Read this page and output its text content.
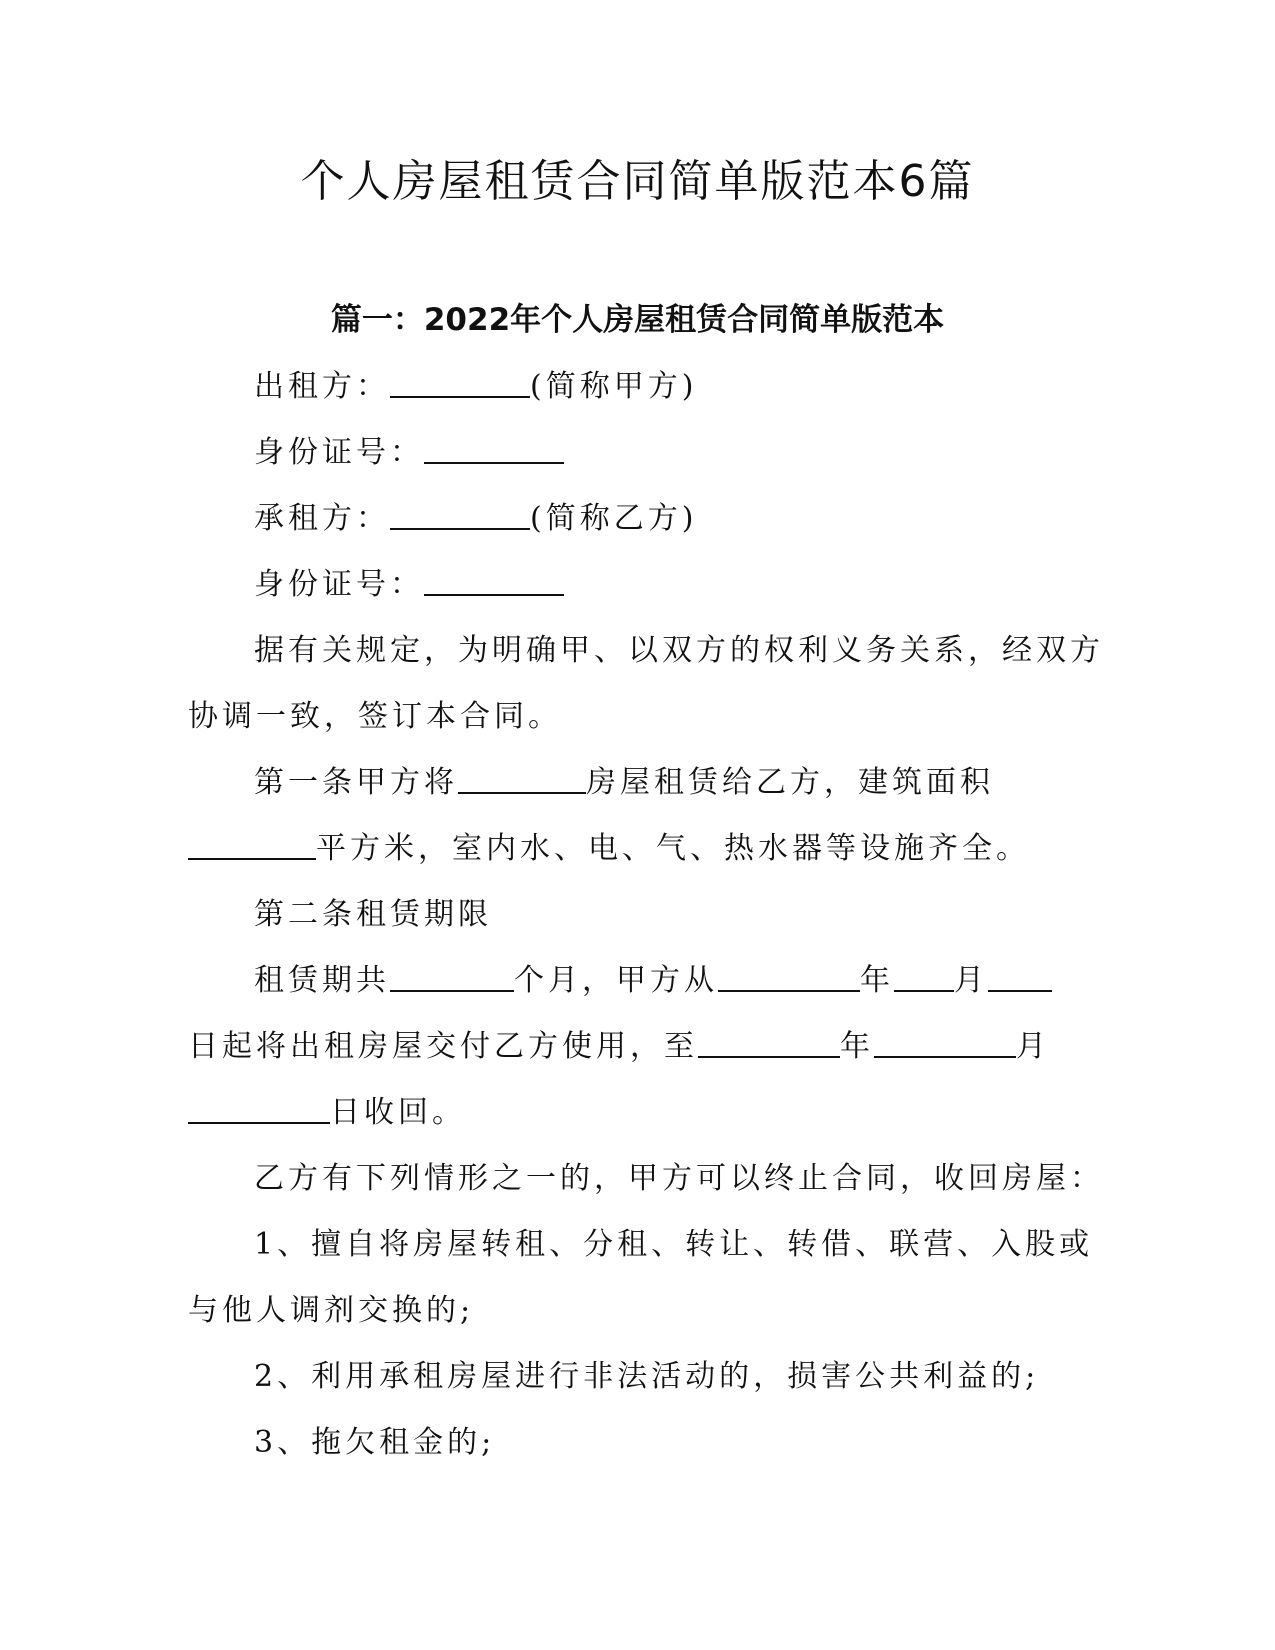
个人房屋租赁合同简单版范本6篇
篇一：2022年个人房屋租赁合同简单版范本
出租方：	(简称甲方)
身份证号：
承租方：	(简称乙方)
身份证号：
据有关规定，为明确甲、以双方的权利义务关系，经双方
协调一致，签订本合同。
第一条甲方将	房屋租赁给乙方，建筑面积
平方米，室内水、电、气、热水器等设施齐全。
第二条租赁期限
租赁期共	个月，甲方从	年 月
日起将出租房屋交付乙方使用，至	年	月
日收回。
乙方有下列情形之一的，甲方可以终止合同，收回房屋：
1、擅自将房屋转租、分租、转让、转借、联营、入股或
与他人调剂交换的;
2、利用承租房屋进行非法活动的，损害公共利益的;
3、拖欠租金的;
